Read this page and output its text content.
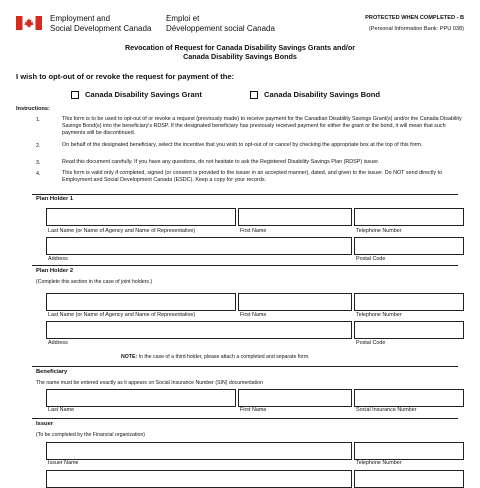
Employment and
Social Development Canada
Emploi et
Développement social Canada
PROTECTED WHEN COMPLETED - B
(Personal Information Bank: PPU 038)
Revocation of Request for Canada Disability Savings Grants and/or
Canada Disability Savings Bonds
I wish to opt-out of or revoke the request for payment of the:
Canada Disability Savings Grant	Canada Disability Savings Bond
Instructions:
1.	This form is to be used to opt-out of or revoke a request (previously made) to receive payment for the Canadian Disability Savings Grant(s) and/or the Canada Disability Savings Bond(s) into the beneficiary's RDSP. If the designated beneficiary has previously received payment for either the grant or the bond, it will mean that such payments will be discontinued.
2.	On behalf of the designated beneficiary, select the incentive that you wish to opt-out of or cancel by checking the appropriate box at the top of this form.
3.	Read this document carefully. If you have any questions, do not hesitate to ask the Registered Disability Savings Plan (RDSP) issuer.
4.	This form is valid only if completed, signed (or consent is provided to the issuer in an accepted manner), dated, and given to the issuer. Do NOT send directly to Employment and Social Development Canada (ESDC). Keep a copy for your records.
Plan Holder 1
Last Name (or Name of Agency and Name of Representative)	First Name	Telephone Number
Address	Postal Code
Plan Holder 2
(Complete this section in the case of joint holders.)
Last Name (or Name of Agency and Name of Representative)	First Name	Telephone Number
Address	Postal Code
NOTE: In the case of a third holder, please attach a completed and separate form.
Beneficiary
The name must be entered exactly as it appears on Social Insurance Number (SIN) documentation
Last Name	First Name	Social Insurance Number
Issuer
(To be completed by the Financial organization)
Issuer Name	Telephone Number
